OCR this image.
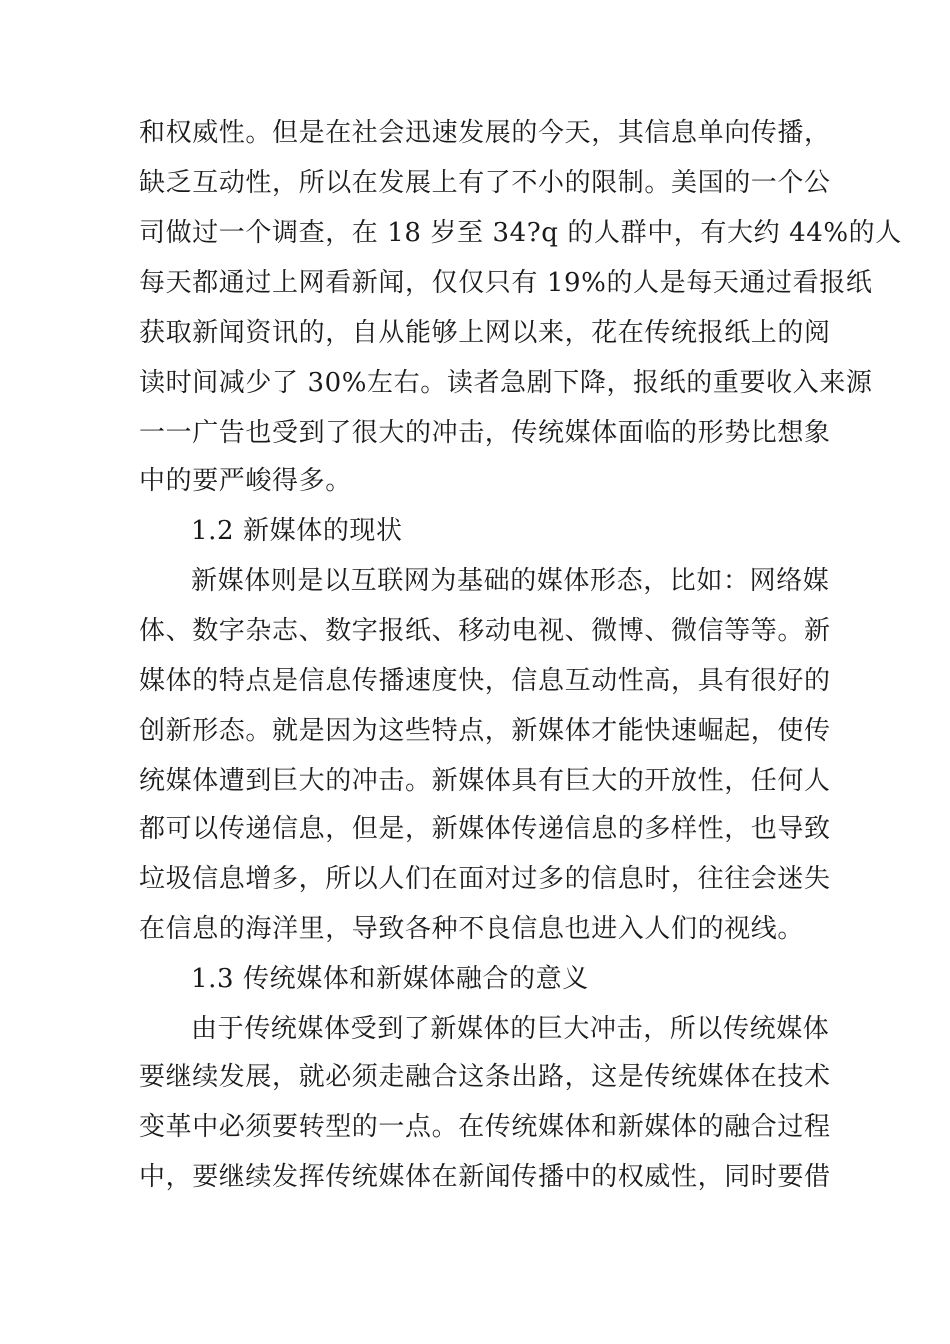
和权威性。但是在社会迅速发展的今天，其信息单向传播，
缺乏互动性，所以在发展上有了不小的限制。美国的一个公
司做过一个调查，在 18 岁至 34?q 的人群中，有大约 44%的人
每天都通过上网看新闻，仅仅只有 19%的人是每天通过看报纸
获取新闻资讯的，自从能够上网以来，花在传统报纸上的阅
读时间减少了 30%左右。读者急剧下降，报纸的重要收入来源
一一广告也受到了很大的冲击，传统媒体面临的形势比想象
中的要严峻得多。
1.2 新媒体的现状
新媒体则是以互联网为基础的媒体形态，比如：网络媒
体、数字杂志、数字报纸、移动电视、微博、微信等等。新
媒体的特点是信息传播速度快，信息互动性高，具有很好的
创新形态。就是因为这些特点，新媒体才能快速崛起，使传
统媒体遭到巨大的冲击。新媒体具有巨大的开放性，任何人
都可以传递信息，但是，新媒体传递信息的多样性，也导致
垃圾信息增多，所以人们在面对过多的信息时，往往会迷失
在信息的海洋里，导致各种不良信息也进入人们的视线。
1.3 传统媒体和新媒体融合的意义
由于传统媒体受到了新媒体的巨大冲击，所以传统媒体
要继续发展，就必须走融合这条出路，这是传统媒体在技术
变革中必须要转型的一点。在传统媒体和新媒体的融合过程
中，要继续发挥传统媒体在新闻传播中的权威性，同时要借
